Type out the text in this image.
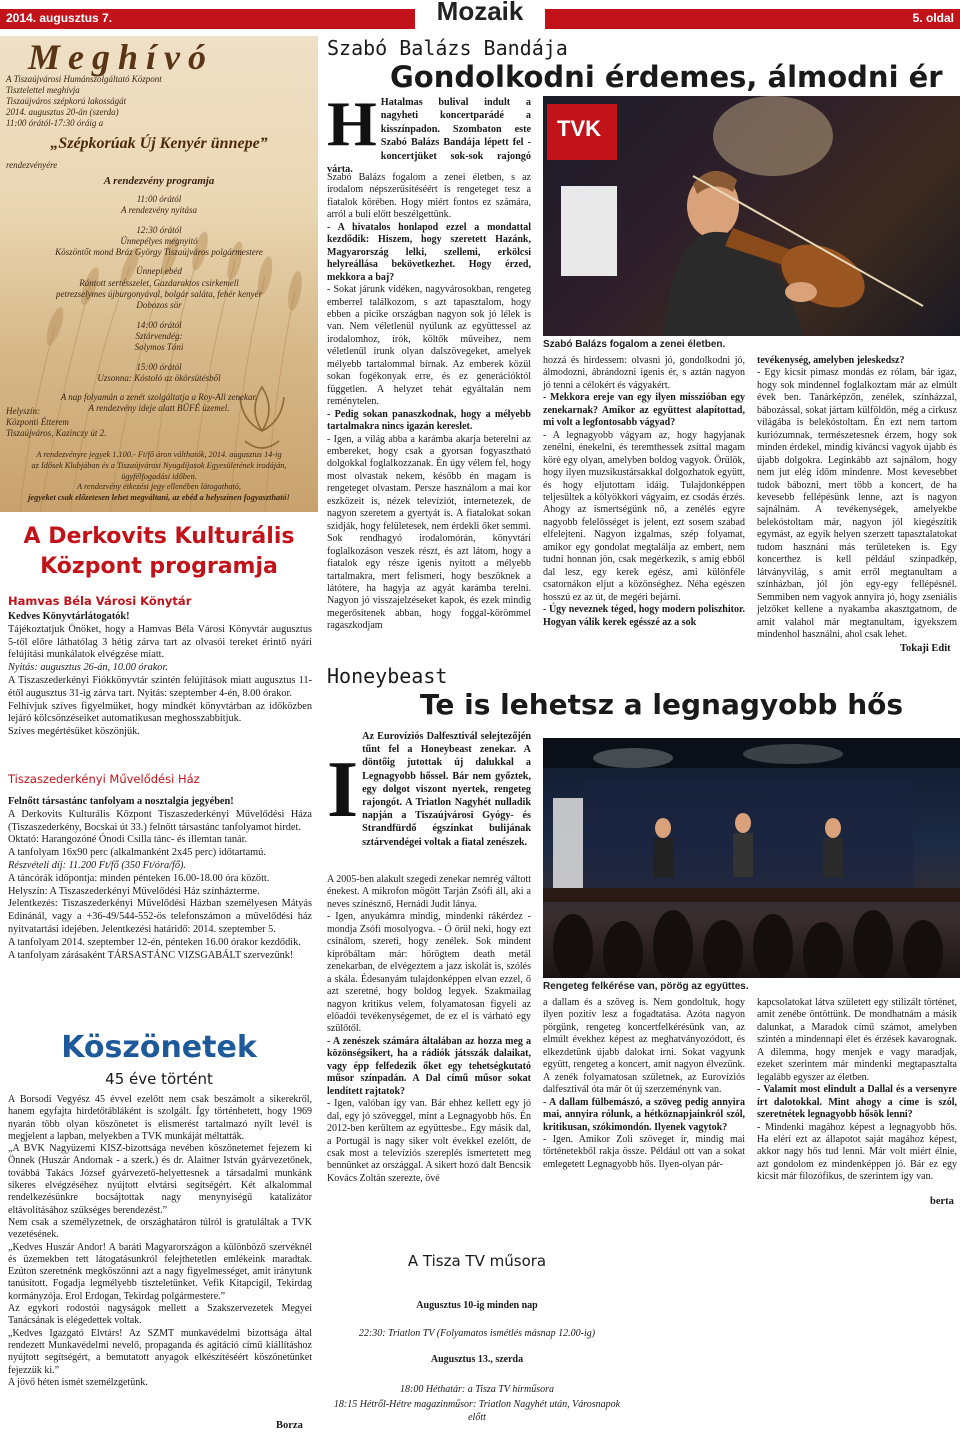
2014. augusztus 7.	Mozaik	5. oldal
Meghívó
A Tiszaújvárosi Humánszolgáltató Központ
Tisztelettel meghívja
Tiszaújváros szépkorú lakosságát
2014. augusztus 20-án (szerda)
11:00 órától-17:30 óráig a
„Szépkorúak Új Kenyér ünnepe”
rendezvényére
A rendezvény programja
11:00 órától
A rendezvény nyitása
12:30 órától
Ünnepélyes megnyitó
Köszöntőt mond Bráz György Tiszaújváros polgármestere
Ünnepi ebéd
Rántott sertésszelet, Gazdaraktos csirkemell
petrezselymes újburgonyával, bolgár saláta, fehér kenyér
Dobozos sör
14:00 órától
Sztárvendég:
Solymos Tóni
15:00 órától
Uzsonna: Kóstoló az ökörsütésből
A nap folyamán a zenét szolgáltatja a Roy-All zenekar.
A rendezvény ideje alatt BÜFÉ üzemel.
Helyszín:
Központi Étterem
Tiszaújváros, Kazinczy út 2.
A rendezvényre jegyek 1.100.- Ft/fő áron válthatók, 2014. augusztus 14-ig
az Idősek Klubjában és a Tiszaújvárosi Nyugdíjasok Egyesületének irodáján,
ügyfélfogadási időben.
A rendezvény étkezési jegy ellenében látogatható,
jegyeket csak előzetesen lehet megváltani, az ebéd a helyszínen fogyasztható!
A Derkovits Kulturális
Központ programja
Hamvas Béla Városi Könytár

Kedves Könyvtárlátogatók!

Tájékoztatjuk Önöket, hogy a Hamvas Béla Városi Könyvtár augusztus 5-től előre láthatólag 3 hétig zárva tart az olvasói tereket érintő nyári felújítási munkálatok elvégzése miatt.

Nyitás: augusztus 26-án, 10.00 órakor.

A Tiszaszederkényi Fiókkönyvtár szintén felújítások miatt augusztus 11-étől augusztus 31-ig zárva tart. Nyitás: szeptember 4-én, 8.00 órakor.

Felhívjuk szíves figyelmüket, hogy mindkét könyvtárban az időközben lejáró kölcsönzéseiket automatikusan meghosszabbítjuk.

Szíves megértésüket köszönjük.

Tiszaszederkényi Művelődési Ház

Felnőtt társastánc tanfolyam a nosztalgia jegyében!

A Derkovits Kulturális Központ Tiszaszederkényi Művelődési Háza (Tiszaszederkény, Bocskai út 33.) felnőtt társastánc tanfolyamot hirdet.

Oktató: Harangozóné Ónodi Csilla tánc- és illemtan tanár.

A tanfolyam 16x90 perc (alkalmanként 2x45 perc) időtartamú.

Részvételi díj: 11.200 Ft/fő (350 Ft/óra/fő).

A táncórák időpontja: minden pénteken 16.00-18.00 óra között.

Helyszín: A Tiszaszederkényi Művelődési Ház színházterme.

Jelentkezés: Tiszaszederkényi Művelődési Házban személyesen Mátyás Edinánál, vagy a +36-49/544-552-ös telefonszámon a művelődési ház nyitvatartási idejében. Jelentkezési határidő: 2014. szeptember 5.

A tanfolyam 2014. szeptember 12-én, pénteken 16.00 órakor kezdődik.

A tanfolyam zárásaként TÁRSASTÁNC VIZSGABÁLT szervezünk!

Köszönetek
45 éve történt

A Borsodi Vegyész 45 évvel ezelőtt nem csak beszámolt a sikerekről, hanem egyfajta hirdetőtábláként is szolgált. Így történhetett, hogy 1969 nyarán több olyan köszönetet is elismerést tartalmazó nyílt levél is megjelent a lapban, melyekben a TVK munkáját méltatták.

„A BVK Nagyüzemi KISZ-bizottsága nevében köszönetemet fejezem ki Önnek (Huszár Andornak - a szerk.) és dr. Alaitner István gyárvezetőnek, továbbá Takács József gyárvezető-helyettesnek a társadalmi munkánk sikeres elvégzéséhez nyújtott elvtársi segítségért. Két alkalommal rendelkezésünkre bocsájtottak nagy menynyiségű katalizátor eltávolításához szükséges berendezést.”

Nem csak a személyzetnek, de országhatáron túlról is gratuláltak a TVK vezetésének.

„Kedves Huszár Andor! A baráti Magyarországon a különböző szervéknél és üzemekben tett látogatásunkról felejthetetlen emlékeink maradtak. Ezúton szeretnénk megköszönni azt a nagy figyelmességet, amit iránytunk tanúsított. Fogadja legmélyebb tiszteletünket. Vefik Kitapcigil, Tekirdag kormányzója. Erol Erdogan, Tekirdag polgármestere.”

Az egykori rodostói nagyságok mellett a Szakszervezetek Megyei Tanácsának is elégedettek voltak.

„Kedves Igazgató Elvtárs! Az SZMT munkavédelmi bizottsága által rendezett Munkavédelmi nevelő, propaganda és agitáció című kiállításhoz nyújtott segítségért, a bemutatott anyagok elkészítéséért köszönetünket fejezzük ki.”

A jövő héten ismét személzgetünk.

Borza
Szabó Balázs Bandája
Gondolkodni érdemes, álmodni ér
H Hatalmas bulival indult a nagyheti koncertparádé a kisszínpadon. Szombaton este Szabó Balázs Bandája lépett fel - koncertjüket sok-sok rajongó várta.

Szabó Balázs fogalom a zenei életben, s az irodalom népszerűsítéséért is rengeteget tesz a fiatalok körében. Hogy miért fontos ez számára, arról a buli előtt beszélgettünk.

- A hivatalos honlapod ezzel a mondattal kezdődik: Hiszem, hogy szeretett Hazánk, Magyarország lelki, szellemi, erkölcsi helyreállása bekövetkezhet. Hogy érzed, mekkora a baj?

- Sokat járunk vidéken, nagyvárosokban, rengeteg emberrel találkozom, s azt tapasztalom, hogy ebben a picike országban nagyon sok jó lélek is van. Nem véletlenül nyúlunk az együttessel az irodalomhoz, írók, költők műveihez, nem véletlenül írunk olyan dalszövegeket, amelyek mélyebb tartalommal bírnak. Az emberek közül sokan fogékonyak erre, és ez generációktól független. A helyzet tehát egyáltalán nem reménytelen.

- Pedig sokan panaszkodnak, hogy a mélyebb tartalmakra nincs igazán kereslet.

- Igen, a világ abba a karámba akarja beterelni az embereket, hogy csak a gyorsan fogyasztható dolgokkal foglalkozzanak. Én úgy vélem fel, hogy most olvastak nekem, később én magam is rengeteget olvastam. Persze használom a mai kor eszközeit is, nézek televíziót, internetezek, de nagyon szeretem a gyertyát is. A fiatalokat sokan szidják, hogy felületesek, nem érdekli őket semmi. Sok rendhagyó irodalomórán, könyvtári foglalkozáson veszek részt, és azt látom, hogy a fiatalok egy része igenis nyitott a mélyebb tartalmakra, mert felismeri, hogy beszöknek a látótere, ha hagyja az agyát karámba terelni. Nagyon jó visszajelzéseket kapok, és ezek mindig megerősítenek abban, hogy foggal-körömmel ragaszkodjam

TVK
Szabó Balázs fogalom a zenei életben.

hozzá és hirdessem: olvasni jó, gondolkodni jó, álmodozni, ábrándozni igenis ér, s aztán nagyon jó tenni a célokért és vágyakért.

- Mekkora ereje van egy ilyen misszióban egy zenekarnak? Amikor az együttest alapítottad, mi volt a legfontosabb vágyad?

- A legnagyobb vágyam az, hogy hagyjanak zenélni, énekelni, és teremthessek zsíttal magam körè egy olyan, amelyben boldog vagyok. Örülök, hogy ilyen muzsikustársakkal dolgozhatok együtt, és hogy eljutottam idáig. Tulajdonképpen teljesültek a kölyökkori vágyaim, ez csodás érzés. Ahogy az ismertségünk nő, a zenélés egyre nagyobb felelősséget is jelent, ezt sosem szabad elfelejteni. Nagyon izgalmas, szép folyamat, amikor egy gondolat megtalálja az embert, nem tudni honnan jön, csak megérkezik, s amíg ebből dal lesz, egy kerek egész, ami különféle csatornákon eljut a közönséghez. Néha egészen hosszú ez az út, de megéri bejárni.

- Úgy neveznek téged, hogy modern poliszhitor. Hogyan válik kerek egésszé az a sok

tevékenység, amelyben jeleskedsz?

- Egy kicsit pimasz mondás ez rólam, bár igaz, hogy sok mindennel foglalkoztam már az elmúlt évek ben. Tanárképzőn, zenélek, színházzal, bábozással, sokat jártam külföldön, még a cirkusz világába is belekóstoltam. Én ezt nem tartom kuriózumnak, természetesnek érzem, hogy sok minden érdekel, mindig kíváncsi vagyok újabb és újabb dolgokra. Leginkább azt sajnálom, hogy nem jut elég időm mindenre. Most kevesebbet tudok bábozni, mert több a koncert, de ha kevesebb fellépésünk lenne, azt is nagyon sajnálnám. A tevékenységek, amelyekbe belekóstoltam már, nagyon jól kiegészítik egymást, az egyik helyen szerzett tapasztalatokat tudom hasznáni más területeken is. Egy koncerthez is kell például színpadkép, látványvilág, s amit erről megtanultam a színházban, jól jön egy-egy fellépésnél. Semmiben nem vagyok annyira jó, hogy zseniális jelzőket kellene a nyakamba akasztgatnom, de amit valahol már megtanultam, igyekszem mindenhol használni, ahol csak lehet.

Tokaji Edit
Honeybeast
Te is lehetsz a legnagyobb hős
I
Az Eurovíziós Dalfesztivál selejtezőjén tűnt fel a Honeybeast zenekar. A döntőig jutottak új dalukkal a Legnagyobb hőssel. Bár nem győztek, egy dolgot viszont nyertek, rengeteg rajongót. A Triatlon Nagyhét nulladik napján a Tiszaújvárosi Gyógy- és Strandfürdő égszínkat bulijának sztárvendégei voltak a fiatal zenészek.

A 2005-ben alakult szegedi zenekar nemrég váltott énekest. A mikrofon mögött Tarján Zsófi áll, aki a neves színésznő, Hernádi Judit lánya.

- Igen, anyukámra mindig, mindenki rákérdez - mondja Zsófi mosolyogva. - Ó örül neki, hogy ezt csinálom, szereti, hogy zenélek. Sok mindent kipróbáltam már: hörögtem death metál zenekarban, de elvégeztem a jazz iskolát is, szólés a skála. Édesanyám tulajdonképpen elvan ezzel, ő azt szeretné, hogy boldog legyek. Szakmailag nagyon kritikus velem, folyamatosan figyeli az előadói tevékenységemet, de ez el is várható egy szülőtől.

- A zenészek számára általában az hozza meg a közönségsikert, ha a rádiók játsszák dalaikat, vagy épp felfedezik őket egy tehetségkutató műsor színpadán. A Dal című műsor sokat lendített rajtatok?

- Igen, valóban így van. Bár ehhez kellett egy jó dal, egy jó szöveggel, mint a Legnagyobb hős. Én 2012-ben kerültem az együttesbe.. Egy másik dal, a Portugál is nagy siker volt évekkel ezelőtt, de csak most a televíziós szereplés ismertetett meg bennünket az országgal. A sikert hozó dalt Bencsik Kovács Zoltán szerezte, övé

Rengeteg felkérése van, pörög az együttes.

a dallam és a szöveg is. Nem gondoltuk, hogy ilyen pozitív lesz a fogadtatása. Azóta nagyon pörgünk, rengeteg koncertfelkérésünk van, az elmúlt évekhez képest az meghatványozódott, és elkezdetünk újabb dalokat írni. Sokat vagyunk együtt, rengeteg a koncert, amit nagyon élvezünk. A zenék folyamatosan születnek, az Eurovíziós dalfesztivál óta már öt új szerzeménynk van.

- A dallam fülbemászó, a szöveg pedig annyira mai, annyira rólunk, a hétköznapjainkról szól, kritikusan, szókimondón. Ilyenek vagytok?

- Igen. Amikor Zoli szöveget ír, mindig mai történetekből rakja össze. Például ott van a sokat emlegetett Legnagyobb hős. Ilyen-olyan pár-

kapcsolatokat látva született egy stilizált történet, amit zenébe öntöttünk. De mondhatnám a másik dalunkat, a Maradok című számot, amelyben szintén a mindennapi élet és érzések kavarognak. A dilemma, hogy menjek e vagy maradjak, ezeket szerintem már mindenki megtapasztalta legalább egyszer az életben.

- Valamit most elindult a Dallal és a versenyre írt dalotokkal. Mint ahogy a címe is szól, szeretnétek legnagyobb hősök lenni?

- Mindenki magához képest a legnagyobb hős. Ha elérí ezt az állapotot saját magához képest, akkor nagy hős tud lenni. Már volt miért élnie, azt gondolom ez mindenképpen jó. Bár ez egy kicsit már filozófikus, de szerintem így van.

berta
A Tisza TV műsora
Augusztus 10-ig minden nap
22:30: Triatlon TV (Folyamatos ismétlés másnap 12.00-ig)
Augusztus 13., szerda
18:00 Héthatár: a Tisza TV hírműsora
18:15 Hétről-Hétre magazinműsor: Triatlon Nagyhét után, Városnapok előtt
